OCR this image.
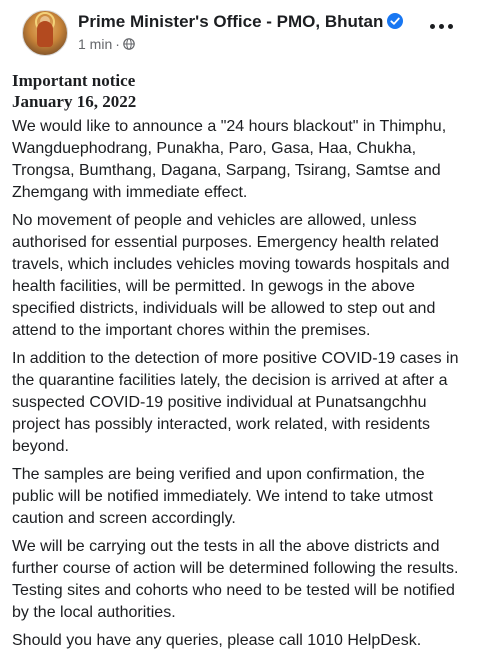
Prime Minister's Office - PMO, Bhutan
1 min ·
Important notice
January 16, 2022

We would like to announce a "24 hours blackout" in Thimphu, Wangduephodrang, Punakha, Paro, Gasa, Haa, Chukha, Trongsa, Bumthang, Dagana, Sarpang, Tsirang, Samtse and Zhemgang with immediate effect.

No movement of people and vehicles are allowed, unless authorised for essential purposes. Emergency health related travels, which includes vehicles moving towards hospitals and health facilities, will be permitted. In gewogs in the above specified districts, individuals will be allowed to step out and attend to the important chores within the premises.

In addition to the detection of more positive COVID-19 cases in the quarantine facilities lately, the decision is arrived at after a suspected COVID-19 positive individual at Punatsangchhu project has possibly interacted, work related, with residents beyond.

The samples are being verified and upon confirmation, the public will be notified immediately. We intend to take utmost caution and screen accordingly.

We will be carrying out the tests in all the above districts and further course of action will be determined following the results. Testing sites and cohorts who need to be tested will be notified by the local authorities.

Should you have any queries, please call 1010 HelpDesk.
